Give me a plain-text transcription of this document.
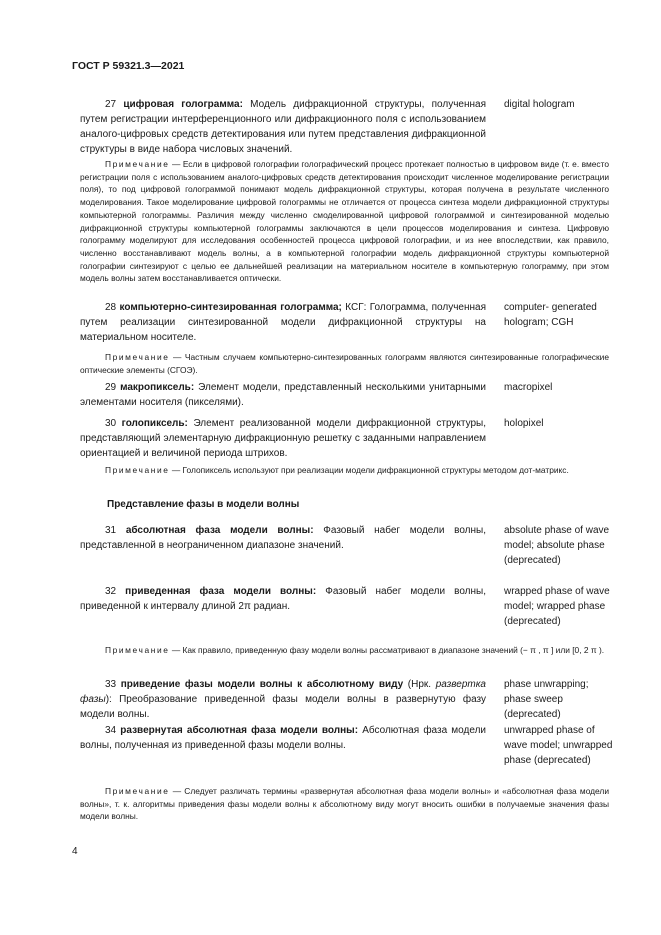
ГОСТ Р 59321.3—2021
27 цифровая голограмма: Модель дифракционной структуры, полученная путем регистрации интерференционного или дифракционного поля с использованием аналого-цифровых средств детектирования или путем представления дифракционной структуры в виде набора числовых значений.
digital hologram
Примечание — Если в цифровой голографии голографический процесс протекает полностью в цифровом виде (т. е. вместо регистрации поля с использованием аналого-цифровых средств детектирования происходит численное моделирование регистрации поля), то под цифровой голограммой понимают модель дифракционной структуры, которая получена в результате численного моделирования. Такое моделирование цифровой голограммы не отличается от процесса синтеза модели дифракционной структуры компьютерной голограммы. Различия между численно смоделированной цифровой голограммой и синтезированной моделью дифракционной структуры компьютерной голограммы заключаются в цели процессов моделирования и синтеза. Цифровую голограмму моделируют для исследования особенностей процесса цифровой голографии, и из нее впоследствии, как правило, численно восстанавливают модель волны, а в компьютерной голографии модель дифракционной структуры компьютерной голографии синтезируют с целью ее дальнейшей реализации на материальном носителе в компьютерную голограмму, при этом модель волны затем восстанавливается оптически.
28 компьютерно-синтезированная голограмма; КСГ: Голограмма, полученная путем реализации синтезированной модели дифракционной структуры на материальном носителе.
computer- generated hologram; CGH
Примечание — Частным случаем компьютерно-синтезированных голограмм являются синтезированные голографические оптические элементы (СГОЭ).
29 макропиксель: Элемент модели, представленный несколькими унитарными элементами носителя (пикселями).
macropixel
30 голопиксель: Элемент реализованной модели дифракционной структуры, представляющий элементарную дифракционную решетку с заданными направлением ориентацией и величиной периода штрихов.
holopixel
Примечание — Голопиксель используют при реализации модели дифракционной структуры методом дот-матрикс.
Представление фазы в модели волны
31 абсолютная фаза модели волны: Фазовый набег модели волны, представленной в неограниченном диапазоне значений.
absolute phase of wave model; absolute phase (deprecated)
32 приведенная фаза модели волны: Фазовый набег модели волны, приведенной к интервалу длиной 2π радиан.
wrapped phase of wave model; wrapped phase (deprecated)
Примечание — Как правило, приведенную фазу модели волны рассматривают в диапазоне значений (− π , π ] или [0, 2 π ).
33 приведение фазы модели волны к абсолютному виду (Нрк. развертка фазы): Преобразование приведенной фазы модели волны в развернутую фазу модели волны.
phase unwrapping; phase sweep (deprecated)
34 развернутая абсолютная фаза модели волны: Абсолютная фаза модели волны, полученная из приведенной фазы модели волны.
unwrapped phase of wave model; unwrapped phase (deprecated)
Примечание — Следует различать термины «развернутая абсолютная фаза модели волны» и «абсолютная фаза модели волны», т. к. алгоритмы приведения фазы модели волны к абсолютному виду могут вносить ошибки в получаемые значения фазы модели волны.
4
